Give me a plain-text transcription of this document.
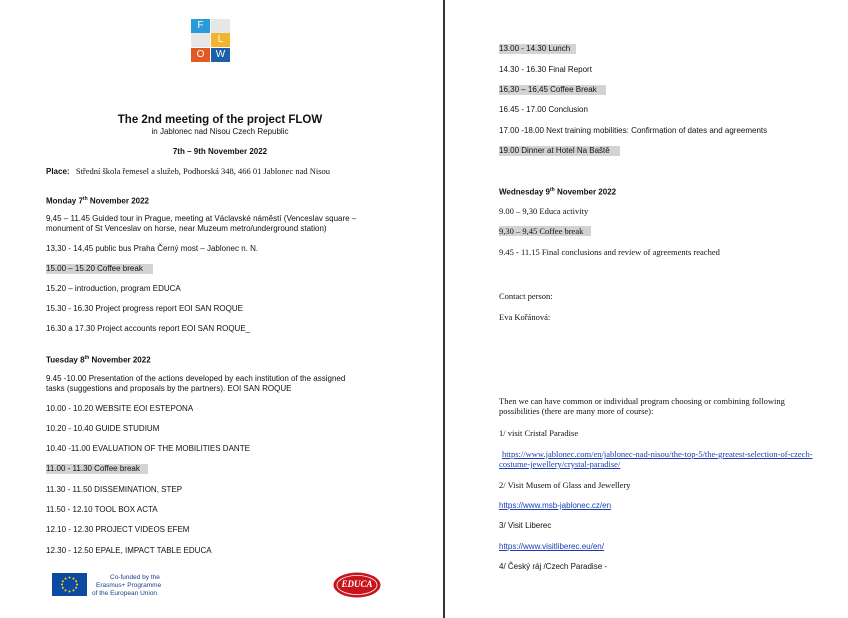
F
L
O	W
The 2nd meeting of the project FLOW
in Jablonec nad Nisou Czech Republic
7th – 9th November 2022
Place: Střední škola řemesel a služeb, Podhorská 348, 466 01 Jablonec nad Nisou
Monday 7th November 2022
9,45 – 11.45 Guided tour in Prague, meeting at Václavské náměstí (Venceslav square –
monument of St Venceslav on horse, near Muzeum metro/underground station)
13,30 - 14,45 public bus Praha Černý most – Jablonec n. N.
15.00 – 15.20 Coffee break
15.20 – introduction, program EDUCA
15.30 - 16.30 Project progress report EOI SAN ROQUE
16.30 a 17.30 Project accounts report EOI SAN ROQUE_
Tuesday 8th November 2022
9.45 -10.00 Presentation of the actions developed by each institution of the assigned
tasks (suggestions and proposals by the partners). EOI SAN ROQUE
10.00 - 10.20 WEBSITE EOI ESTEPONA
10.20 - 10.40 GUIDE STUDIUM
10.40 -11.00 EVALUATION OF THE MOBILITIES DANTE
11.00 - 11.30 Coffee break
11.30 - 11.50 DISSEMINATION, STEP
11.50 - 12.10 TOOL BOX ACTA
12.10 - 12.30 PROJECT VIDEOS EFEM
12.30 - 12.50 EPALE, IMPACT TABLE EDUCA
Co-funded by the
Erasmus+ Programme
of the European Union
EDUCA
13.00 - 14.30 Lunch
14.30 - 16.30 Final Report
16,30 – 16,45 Coffee Break
16.45 - 17.00 Conclusion
17.00 -18.00 Next training mobilities: Confirmation of dates and agreements
19.00 Dinner at Hotel Na Baště
Wednesday 9th November 2022
9.00 – 9,30 Educa activity
9,30 – 9,45 Coffee break
9.45 - 11.15 Final conclusions and review of agreements reached
Contact person:
Eva Kořánová:
Then we can have common or individual program choosing or combining following
possibilities (there are many more of course):
1/ visit Cristal Paradise
https://www.jablonec.com/en/jablonec-nad-nisou/the-top-5/the-greatest-selection-of-czech-
costume-jewellery/crystal-paradise/
2/ Visit Musem of Glass and Jewellery
https://www.msb-jablonec.cz/en
3/ Visit Liberec
https://www.visitliberec.eu/en/
4/ Český ráj /Czech Paradise -
